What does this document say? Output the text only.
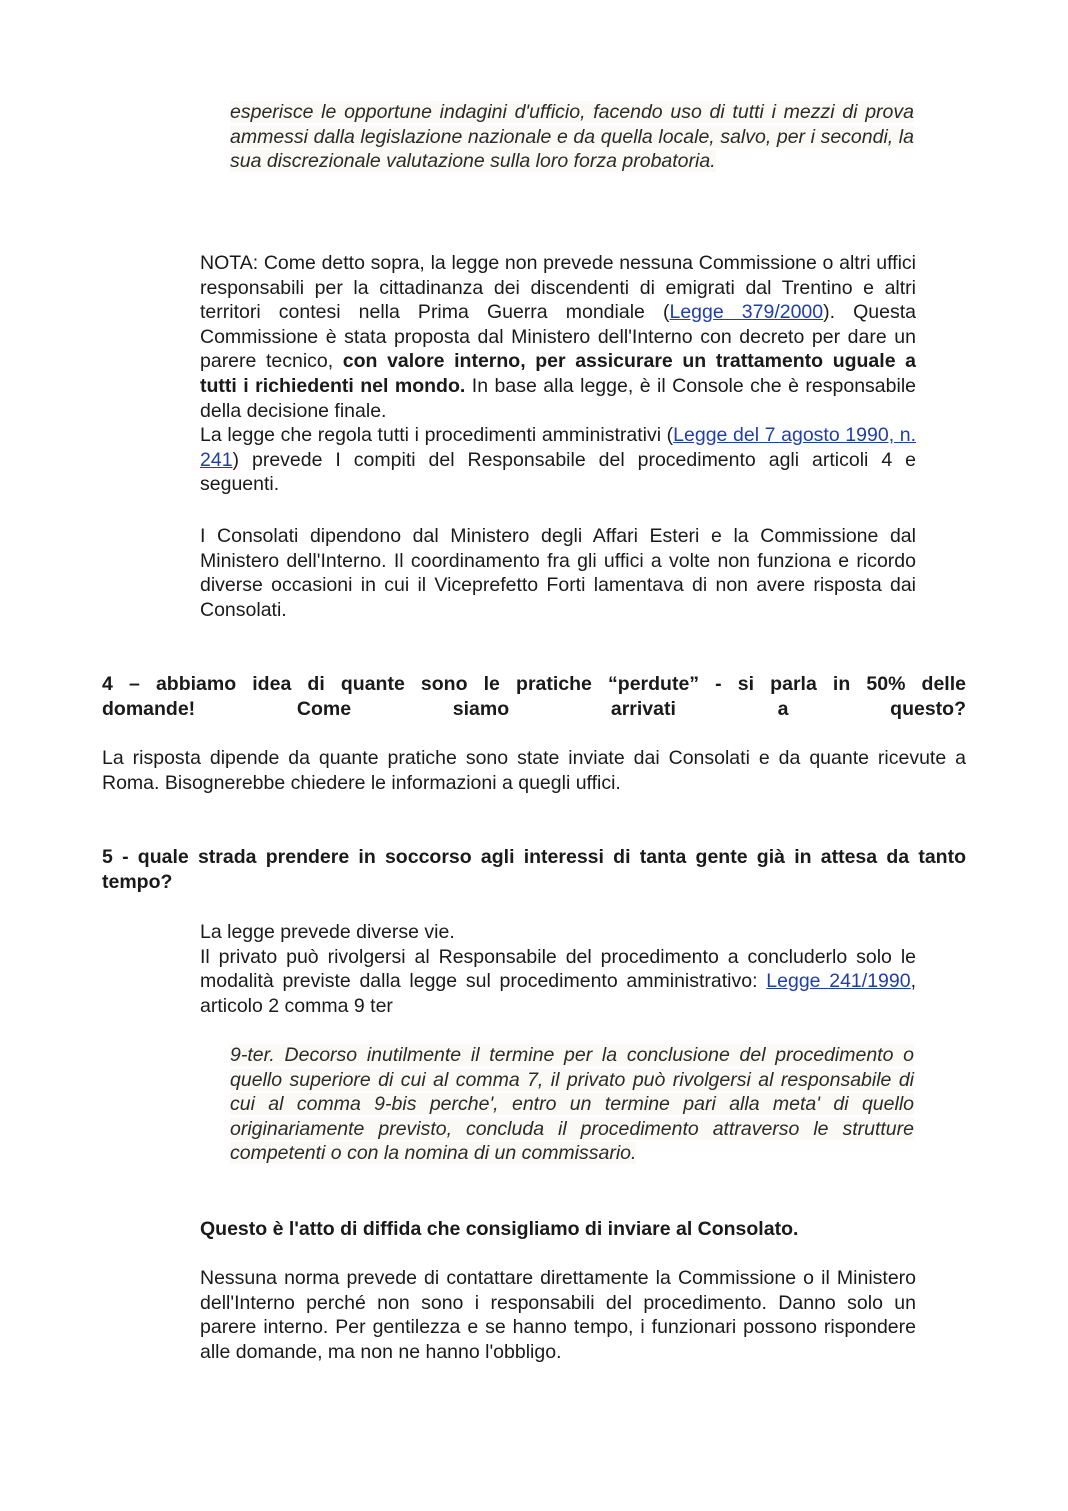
esperisce le opportune indagini d'ufficio, facendo uso di tutti i mezzi di prova ammessi dalla legislazione nazionale e da quella locale, salvo, per i secondi, la sua discrezionale valutazione sulla loro forza probatoria.

NOTA: Come detto sopra, la legge non prevede nessuna Commissione o altri uffici responsabili per la cittadinanza dei discendenti di emigrati dal Trentino e altri territori contesi nella Prima Guerra mondiale (Legge 379/2000). Questa Commissione è stata proposta dal Ministero dell'Interno con decreto per dare un parere tecnico, con valore interno, per assicurare un trattamento uguale a tutti i richiedenti nel mondo. In base alla legge, è il Console che è responsabile della decisione finale.
La legge che regola tutti i procedimenti amministrativi (Legge del 7 agosto 1990, n. 241) prevede I compiti del Responsabile del procedimento agli articoli 4 e seguenti.

I Consolati dipendono dal Ministero degli Affari Esteri e la Commissione dal Ministero dell'Interno. Il coordinamento fra gli uffici a volte non funziona e ricordo diverse occasioni in cui il Viceprefetto Forti lamentava di non avere risposta dai Consolati.

4 – abbiamo idea di quante sono le pratiche “perdute” - si parla in 50% delle
domande! Come siamo arrivati a questo?

La risposta dipende da quante pratiche sono state inviate dai Consolati e da quante ricevute a Roma. Bisognerebbe chiedere le informazioni a quegli uffici.

5 - quale strada prendere in soccorso agli interessi di tanta gente già in attesa da tanto tempo?

La legge prevede diverse vie.
Il privato può rivolgersi al Responsabile del procedimento a concluderlo solo le modalità previste dalla legge sul procedimento amministrativo: Legge 241/1990, articolo 2 comma 9 ter

9-ter. Decorso inutilmente il termine per la conclusione del procedimento o quello superiore di cui al comma 7, il privato può rivolgersi al responsabile di cui al comma 9-bis perche', entro un termine pari alla meta' di quello originariamente previsto, concluda il procedimento attraverso le strutture competenti o con la nomina di un commissario.

Questo è l'atto di diffida che consigliamo di inviare al Consolato.

Nessuna norma prevede di contattare direttamente la Commissione o il Ministero dell'Interno perché non sono i responsabili del procedimento. Danno solo un parere interno. Per gentilezza e se hanno tempo, i funzionari possono rispondere alle domande, ma non ne hanno l'obbligo.
